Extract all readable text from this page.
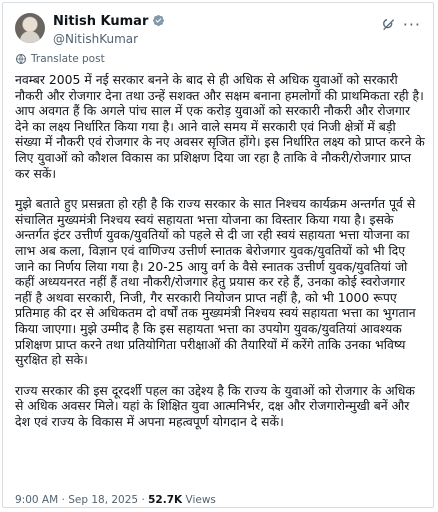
Nitish Kumar
@NitishKumar
···
Translate post

नवम्बर 2005 में नई सरकार बनने के बाद से ही अधिक से अधिक युवाओं को सरकारी नौकरी और रोजगार देना तथा उन्हें सशक्त और सक्षम बनाना हमलोगों की प्राथमिकता रही है। आप अवगत हैं कि अगले पांच साल में एक करोड़ युवाओं को सरकारी नौकरी और रोजगार देने का लक्ष्य निर्धारित किया गया है। आने वाले समय में सरकारी एवं निजी क्षेत्रों में बड़ी संख्या में नौकरी एवं रोजगार के नए अवसर सृजित होंगे। इस निर्धारित लक्ष्य को प्राप्त करने के लिए युवाओं को कौशल विकास का प्रशिक्षण दिया जा रहा है ताकि वे नौकरी/रोजगार प्राप्त कर सकें।

मुझे बताते हुए प्रसन्नता हो रही है कि राज्य सरकार के सात निश्चय कार्यक्रम अन्तर्गत पूर्व से संचालित मुख्यमंत्री निश्चय स्वयं सहायता भत्ता योजना का विस्तार किया गया है। इसके अन्तर्गत इंटर उत्तीर्ण युवक/युवतियों को पहले से दी जा रही स्वयं सहायता भत्ता योजना का लाभ अब कला, विज्ञान एवं वाणिज्य उत्तीर्ण स्नातक बेरोजगार युवक/युवतियों को भी दिए जाने का निर्णय लिया गया है। 20-25 आयु वर्ग के वैसे स्नातक उत्तीर्ण युवक/युवतियां जो कहीं अध्ययनरत नहीं हैं तथा नौकरी/रोजगार हेतु प्रयास कर रहे हैं, उनका कोई स्वरोजगार नहीं है अथवा सरकारी, निजी, गैर सरकारी नियोजन प्राप्त नहीं है, को भी 1000 रूपए प्रतिमाह की दर से अधिकतम दो वर्षों तक मुख्यमंत्री निश्चय स्वयं सहायता भत्ता का भुगतान किया जाएगा। मुझे उम्मीद है कि इस सहायता भत्ता का उपयोग युवक/युवतियां आवश्यक प्रशिक्षण प्राप्त करने तथा प्रतियोगिता परीक्षाओं की तैयारियों में करेंगे ताकि उनका भविष्य सुरक्षित हो सके।

राज्य सरकार की इस दूरदर्शी पहल का उद्देश्य है कि राज्य के युवाओं को रोजगार के अधिक से अधिक अवसर मिले। यहां के शिक्षित युवा आत्मनिर्भर, दक्ष और रोजगारोन्मुखी बनें और देश एवं राज्य के विकास में अपना महत्वपूर्ण योगदान दे सकें।

9:00 AM · Sep 18, 2025 · 52.7K Views
